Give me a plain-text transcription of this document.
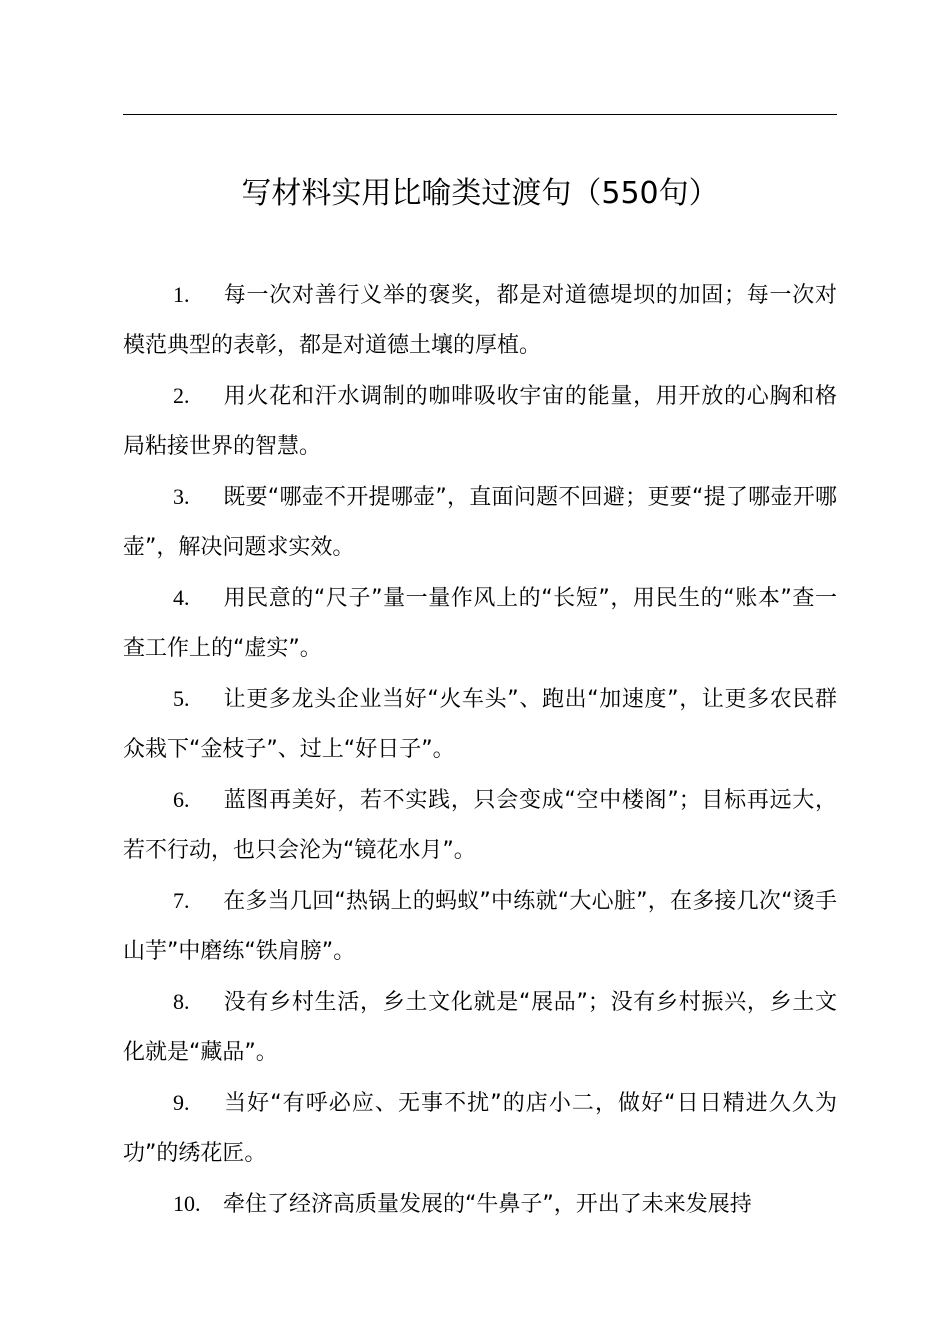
写材料实用比喻类过渡句（550句）

1. 每一次对善行义举的褒奖，都是对道德堤坝的加固；每一次对模范典型的表彰，都是对道德土壤的厚植。

2. 用火花和汗水调制的咖啡吸收宇宙的能量，用开放的心胸和格局粘接世界的智慧。

3. 既要“哪壶不开提哪壶”，直面问题不回避；更要“提了哪壶开哪壶”，解决问题求实效。

4. 用民意的“尺子”量一量作风上的“长短”，用民生的“账本”查一查工作上的“虚实”。

5. 让更多龙头企业当好“火车头”、跑出“加速度”，让更多农民群众栽下“金枝子”、过上“好日子”。

6. 蓝图再美好，若不实践，只会变成“空中楼阁”；目标再远大，若不行动，也只会沦为“镜花水月”。

7. 在多当几回“热锅上的蚂蚁”中练就“大心脏”，在多接几次“烫手山芋”中磨练“铁肩膀”。

8. 没有乡村生活，乡土文化就是“展品”；没有乡村振兴，乡土文化就是“藏品”。

9. 当好“有呼必应、无事不扰”的店小二，做好“日日精进久久为功”的绣花匠。

10. 牵住了经济高质量发展的“牛鼻子”，开出了未来发展持
